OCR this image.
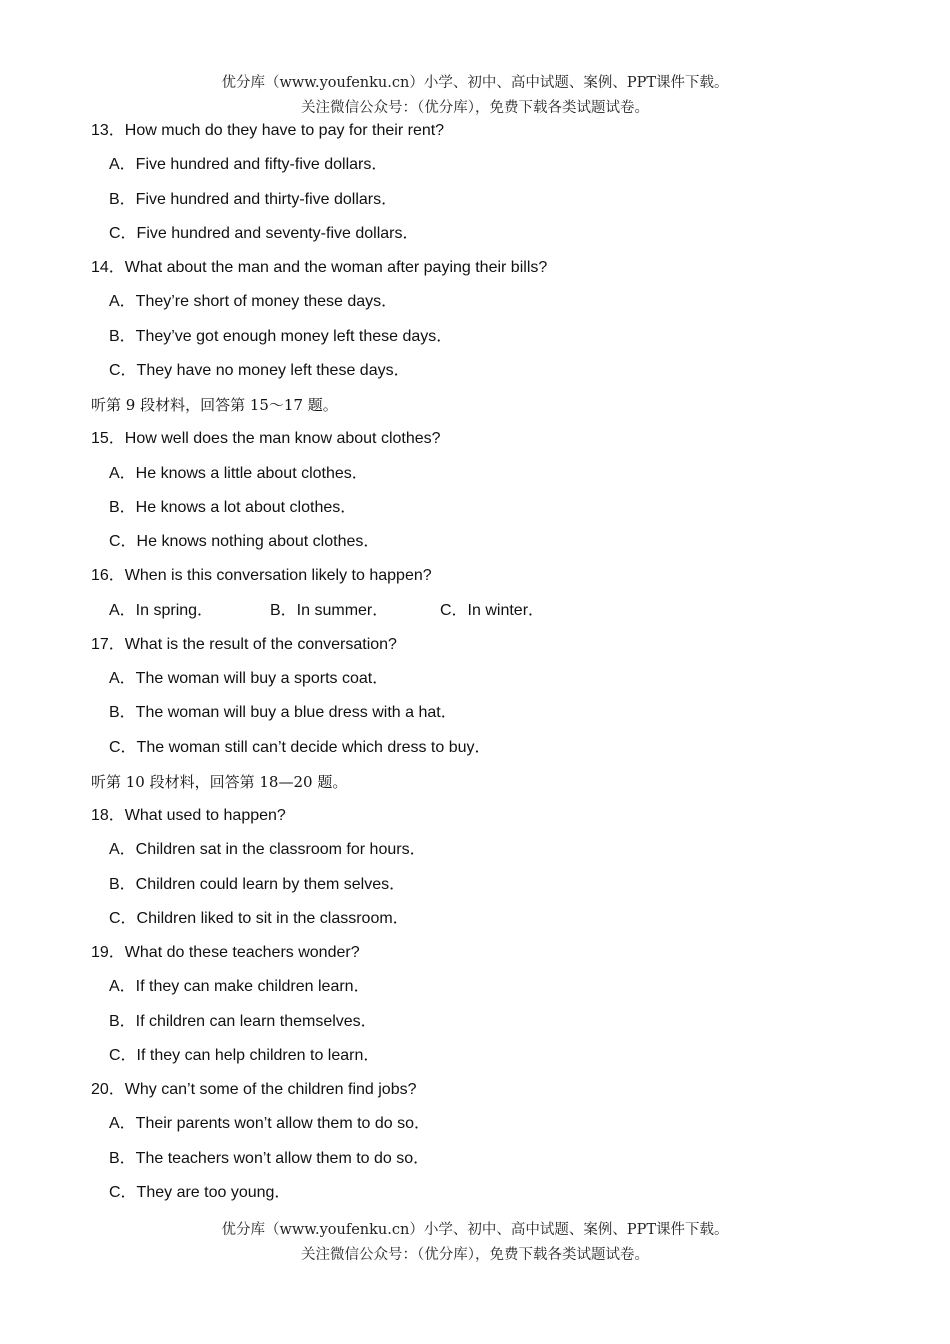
优分库（www.youfenku.cn）小学、初中、高中试题、案例、PPT课件下载。
关注微信公众号：（优分库），免费下载各类试题试卷。
13．How much do they have to pay for their rent?
A．Five hundred and fifty-five dollars．
B．Five hundred and thirty-five dollars．
C．Five hundred and seventy-five dollars．
14．What about the man and the woman after paying their bills?
A．They’re short of money these days．
B．They’ve got enough money left these days．
C．They have no money left these days．
听第 9 段材料，回答第 15～17 题。
15．How well does the man know about clothes?
A．He knows a little about clothes．
B．He knows a lot about clothes．
C．He knows nothing about clothes．
16．When is this conversation likely to happen?
A．In spring．	B．In summer．	C．In winter．
17．What is the result of the conversation?
A．The woman will buy a sports coat．
B．The woman will buy a blue dress with a hat．
C．The woman still can’t decide which dress to buy．
听第 10 段材料，回答第 18—20 题。
18．What used to happen?
A．Children sat in the classroom for hours．
B．Children could learn by them selves．
C．Children liked to sit in the classroom．
19．What do these teachers wonder?
A．If they can make children learn．
B．If children can learn themselves．
C．If they can help children to learn．
20．Why can’t some of the children find jobs?
A．Their parents won’t allow them to do so．
B．The teachers won’t allow them to do so．
C．They are too young．
优分库（www.youfenku.cn）小学、初中、高中试题、案例、PPT课件下载。
关注微信公众号：（优分库），免费下载各类试题试卷。
